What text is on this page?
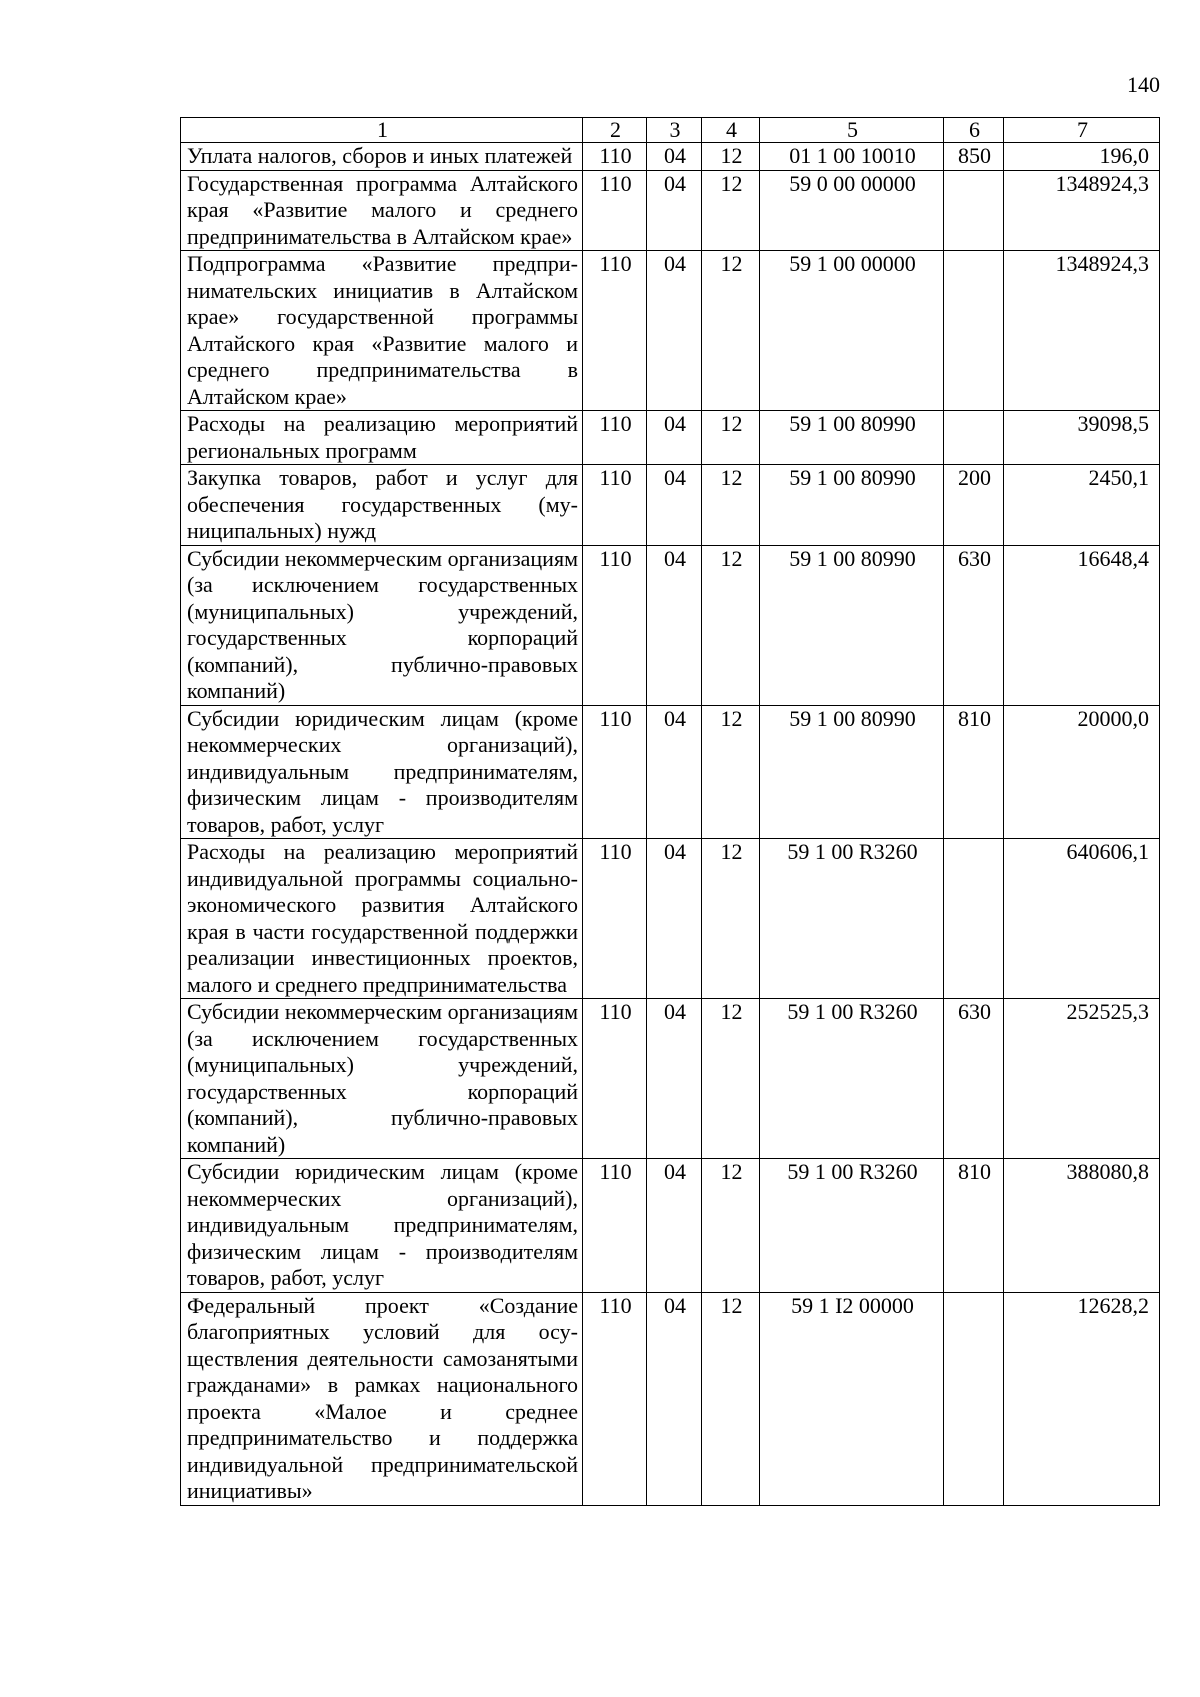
140
1	2	3	4	5	6	7
Уплата налогов, сборов и иных платежей	110	04	12	01 1 00 10010	850	196,0
Государственная программа Алтайского края «Развитие малого и среднего предпринимательства в Алтайском крае»	110	04	12	59 0 00 00000		1348924,3
Подпрограмма «Развитие предпринимательских инициатив в Алтайском крае» государственной программы Алтайского края «Развитие малого и среднего предпринимательства в Алтайском крае»	110	04	12	59 1 00 00000		1348924,3
Расходы на реализацию мероприятий региональных программ	110	04	12	59 1 00 80990		39098,5
Закупка товаров, работ и услуг для обеспечения государственных (муниципальных) нужд	110	04	12	59 1 00 80990	200	2450,1
Субсидии некоммерческим организациям (за исключением государственных (муниципальных) учреждений, государственных корпораций (компаний), публично-правовых компаний)	110	04	12	59 1 00 80990	630	16648,4
Субсидии юридическим лицам (кроме некоммерческих организаций), индивидуальным предпринимателям, физическим лицам - производителям товаров, работ, услуг	110	04	12	59 1 00 80990	810	20000,0
Расходы на реализацию мероприятий индивидуальной программы социально-экономического развития Алтайского края в части государственной поддержки реализации инвестиционных проектов, малого и среднего предпринимательства	110	04	12	59 1 00 R3260		640606,1
Субсидии некоммерческим организациям (за исключением государственных (муниципальных) учреждений, государственных корпораций (компаний), публично-правовых компаний)	110	04	12	59 1 00 R3260	630	252525,3
Субсидии юридическим лицам (кроме некоммерческих организаций), индивидуальным предпринимателям, физическим лицам - производителям товаров, работ, услуг	110	04	12	59 1 00 R3260	810	388080,8
Федеральный проект «Создание благоприятных условий для осуществления деятельности самозанятыми гражданами» в рамках национального проекта «Малое и среднее предпринимательство и поддержка индивидуальной предпринимательской инициативы»	110	04	12	59 1 I2 00000		12628,2
